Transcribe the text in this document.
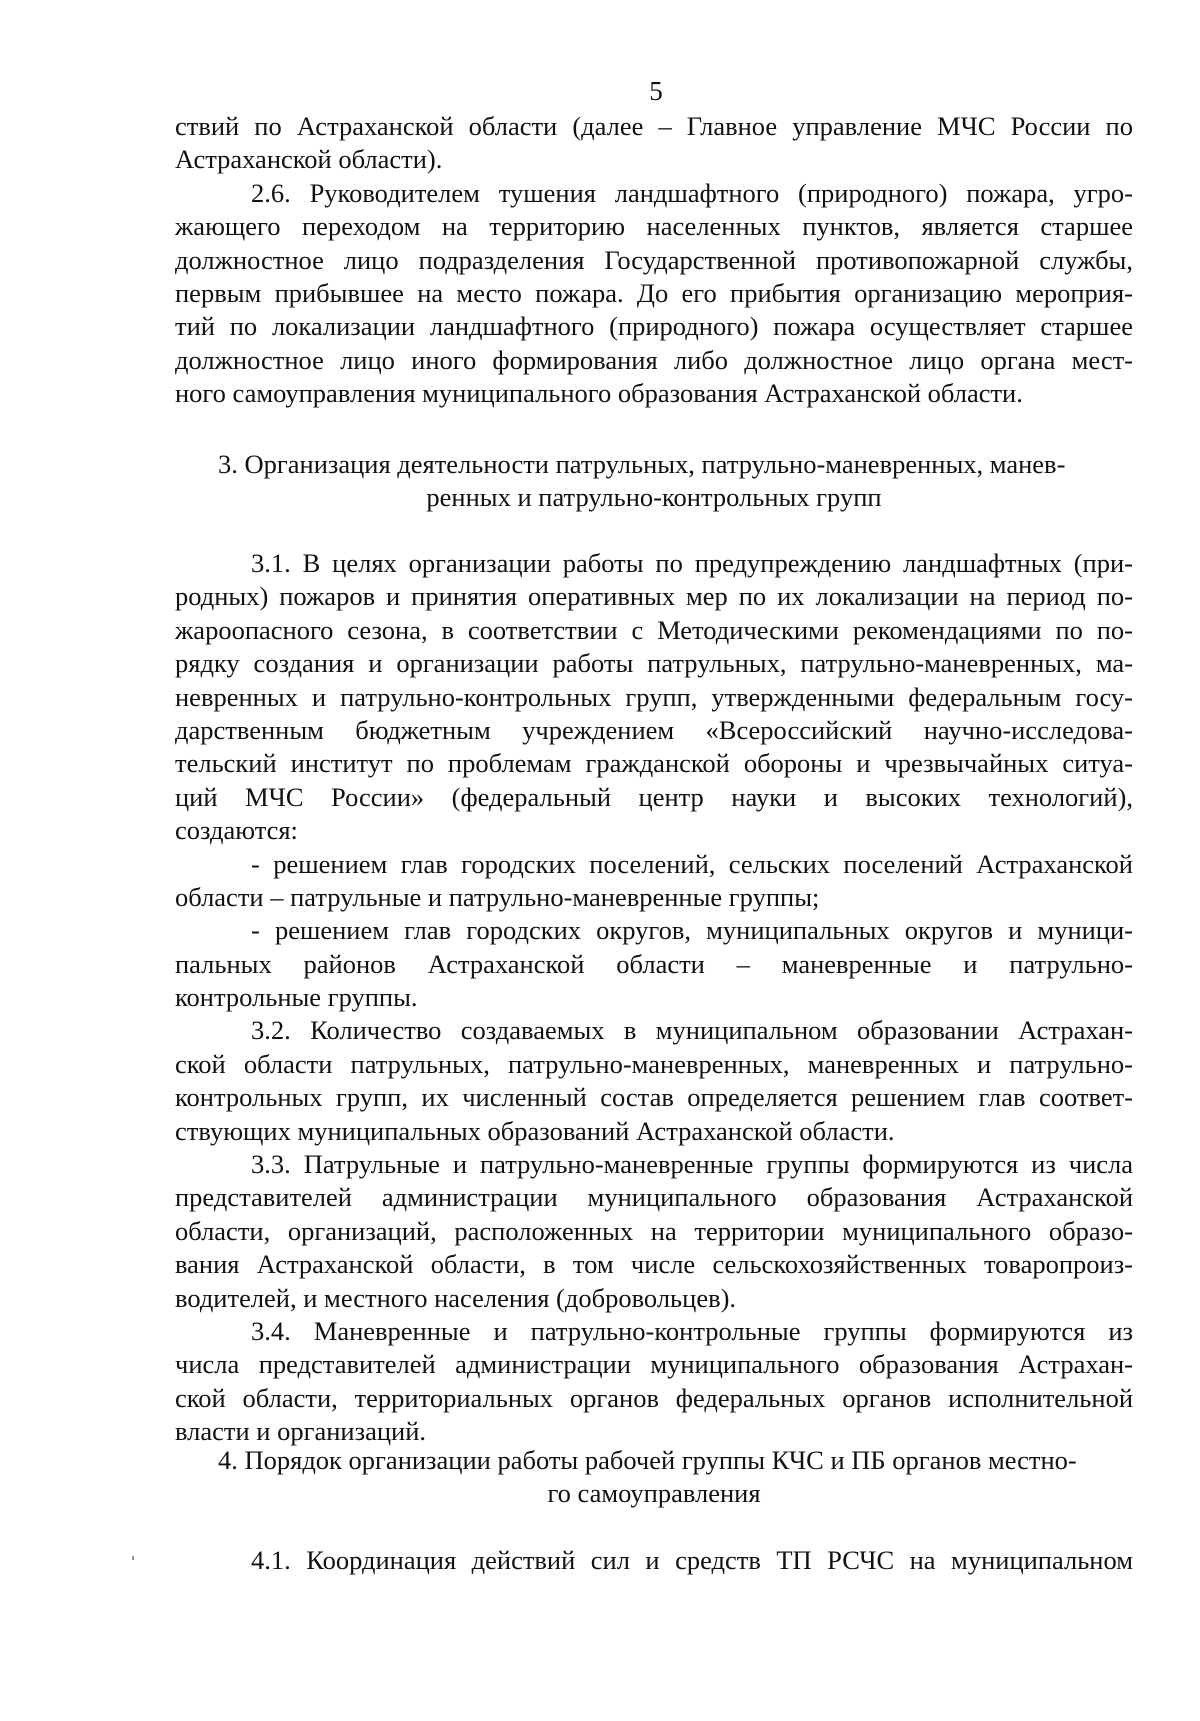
5
ствий по Астраханской области (далее – Главное управление МЧС России по
Астраханской области).
2.6. Руководителем тушения ландшафтного (природного) пожара, угро-
жающего переходом на территорию населенных пунктов, является старшее
должностное лицо подразделения Государственной противопожарной службы,
первым прибывшее на место пожара. До его прибытия организацию мероприя-
тий по локализации ландшафтного (природного) пожара осуществляет старшее
должностное лицо иного формирования либо должностное лицо органа мест-
ного самоуправления муниципального образования Астраханской области.
3. Организация деятельности патрульных, патрульно-маневренных, манев-
ренных и патрульно-контрольных групп
3.1. В целях организации работы по предупреждению ландшафтных (при-
родных) пожаров и принятия оперативных мер по их локализации на период по-
жароопасного сезона, в соответствии с Методическими рекомендациями по по-
рядку создания и организации работы патрульных, патрульно-маневренных, ма-
невренных и патрульно-контрольных групп, утвержденными федеральным госу-
дарственным бюджетным учреждением «Всероссийский научно-исследова-
тельский институт по проблемам гражданской обороны и чрезвычайных ситуа-
ций МЧС России» (федеральный центр науки и высоких технологий),
создаются:
- решением глав городских поселений, сельских поселений Астраханской
области – патрульные и патрульно-маневренные группы;
- решением глав городских округов, муниципальных округов и муници-
пальных районов Астраханской области – маневренные и патрульно-
контрольные группы.
3.2. Количество создаваемых в муниципальном образовании Астрахан-
ской области патрульных, патрульно-маневренных, маневренных и патрульно-
контрольных групп, их численный состав определяется решением глав соответ-
ствующих муниципальных образований Астраханской области.
3.3. Патрульные и патрульно-маневренные группы формируются из числа
представителей администрации муниципального образования Астраханской
области, организаций, расположенных на территории муниципального образо-
вания Астраханской области, в том числе сельскохозяйственных товаропроиз-
водителей, и местного населения (добровольцев).
3.4. Маневренные и патрульно-контрольные группы формируются из
числа представителей администрации муниципального образования Астрахан-
ской области, территориальных органов федеральных органов исполнительной
власти и организаций.
4. Порядок организации работы рабочей группы КЧС и ПБ органов местно-
го самоуправления
4.1. Координация действий сил и средств ТП РСЧС на муниципальном
